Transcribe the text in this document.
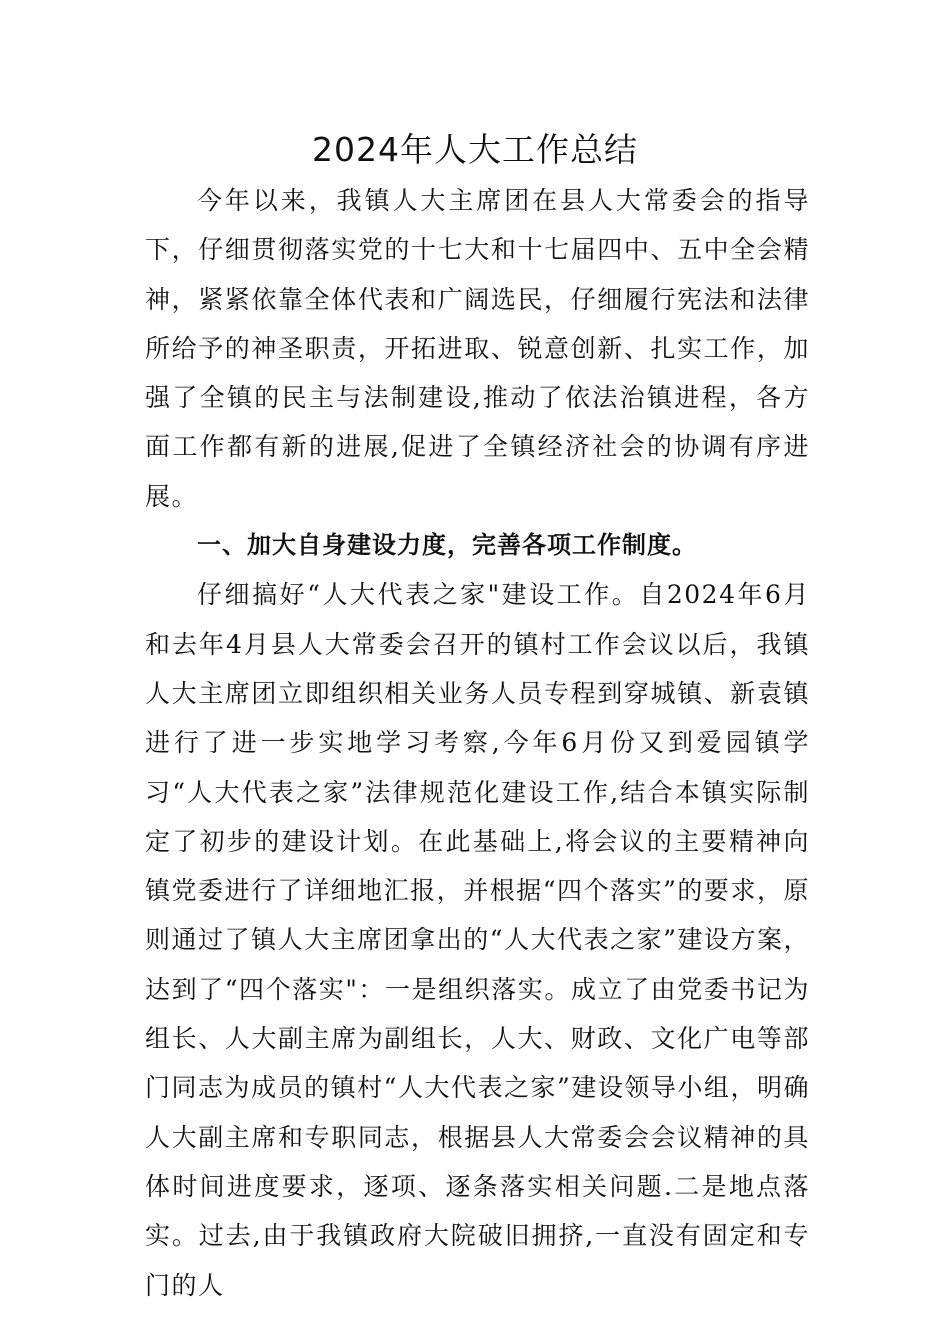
2024年人大工作总结

今年以来，我镇人大主席团在县人大常委会的指导下，仔细贯彻落实党的十七大和十七届四中、五中全会精神，紧紧依靠全体代表和广阔选民，仔细履行宪法和法律所给予的神圣职责，开拓进取、锐意创新、扎实工作，加强了全镇的民主与法制建设,推动了依法治镇进程，各方面工作都有新的进展,促进了全镇经济社会的协调有序进展。

一、加大自身建设力度，完善各项工作制度。

仔细搞好“人大代表之家"建设工作。自2024年6月和去年4月县人大常委会召开的镇村工作会议以后，我镇人大主席团立即组织相关业务人员专程到穿城镇、新袁镇进行了进一步实地学习考察,今年6月份又到爱园镇学习“人大代表之家”法律规范化建设工作,结合本镇实际制定了初步的建设计划。在此基础上,将会议的主要精神向镇党委进行了详细地汇报，并根据“四个落实”的要求，原则通过了镇人大主席团拿出的“人大代表之家”建设方案，达到了“四个落实"：一是组织落实。成立了由党委书记为组长、人大副主席为副组长，人大、财政、文化广电等部门同志为成员的镇村“人大代表之家”建设领导小组，明确人大副主席和专职同志，根据县人大常委会会议精神的具体时间进度要求，逐项、逐条落实相关问题.二是地点落实。过去,由于我镇政府大院破旧拥挤,一直没有固定和专门的人
